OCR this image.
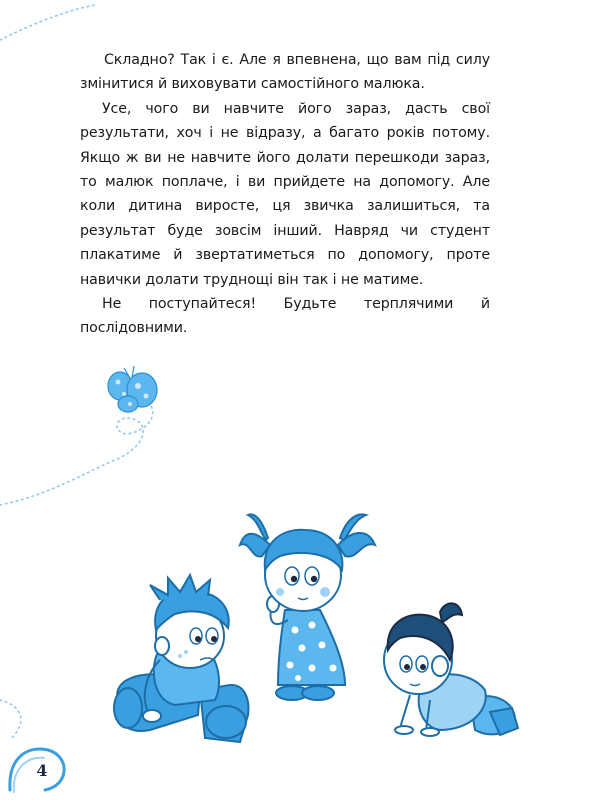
Складно? Так і є. Але я впевнена, що вам під силу змінитися й виховувати самостійного малюка.

Усе, чого ви навчите його зараз, дасть свої результати, хоч і не відразу, а багато років потому. Якщо ж ви не навчите його долати перешкоди зараз, то малюк поплаче, і ви прийдете на допомогу. Але коли дитина виросте, ця звичка залишиться, та результат буде зовсім інший. Навряд чи студент плакатиме й звертатиметься по допомогу, проте навички долати труднощі він так і не матиме.

Не поступайтеся! Будьте терплячими й послідовними.

4
